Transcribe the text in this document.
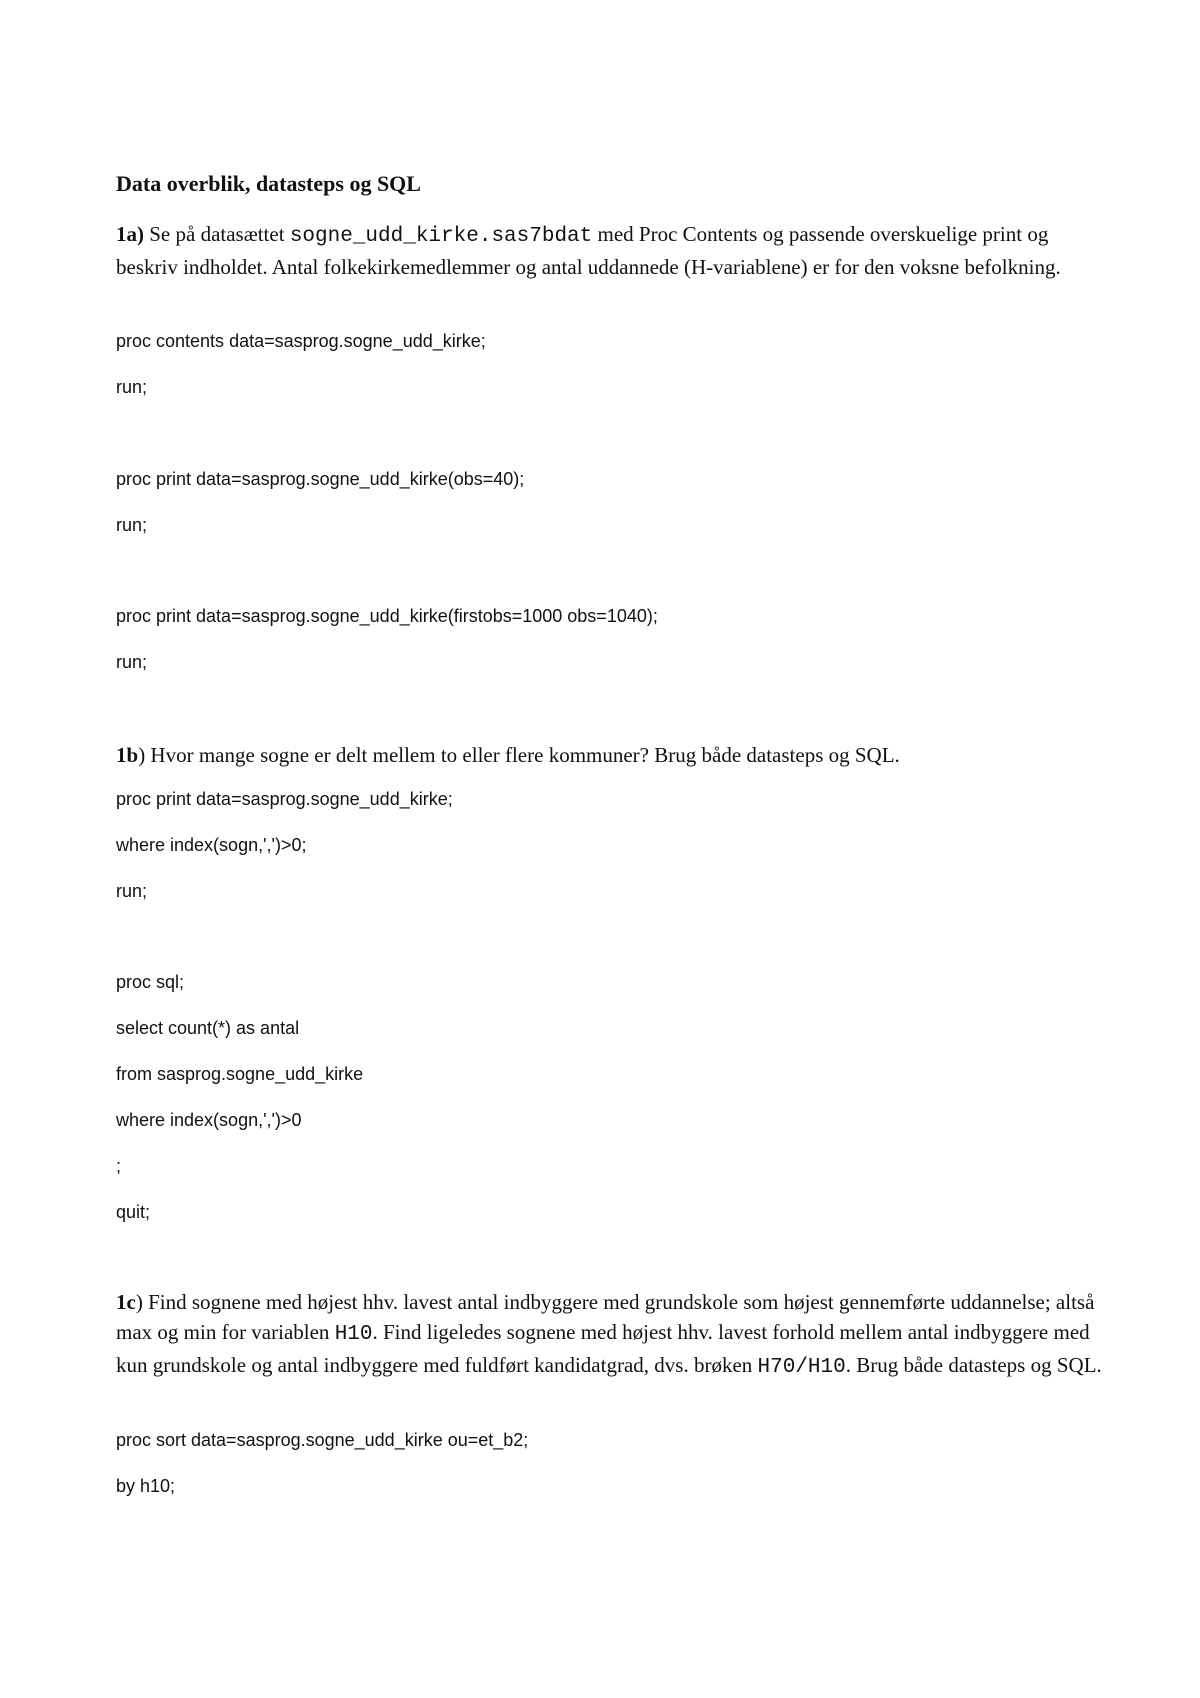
Data overblik, datasteps og SQL

1a) Se på datasættet sogne_udd_kirke.sas7bdat med Proc Contents og passende overskuelige print og beskriv indholdet. Antal folkekirkemedlemmer og antal uddannede (H-variablene) er for den voksne befolkning.

proc contents data=sasprog.sogne_udd_kirke;
run;
proc print data=sasprog.sogne_udd_kirke(obs=40);
run;
proc print data=sasprog.sogne_udd_kirke(firstobs=1000 obs=1040);
run;

1b) Hvor mange sogne er delt mellem to eller flere kommuner? Brug både datasteps og SQL.

proc print data=sasprog.sogne_udd_kirke;
where index(sogn,',')>0;
run;
proc sql;
select count(*) as antal
from sasprog.sogne_udd_kirke
where index(sogn,',')>0
;
quit;

1c) Find sognene med højest hhv. lavest antal indbyggere med grundskole som højest gennemførte uddannelse; altså max og min for variablen H10. Find ligeledes sognene med højest hhv. lavest forhold mellem antal indbyggere med kun grundskole og antal indbyggere med fuldført kandidatgrad, dvs. brøken H70/H10. Brug både datasteps og SQL.

proc sort data=sasprog.sogne_udd_kirke ou=et_b2;
by h10;
